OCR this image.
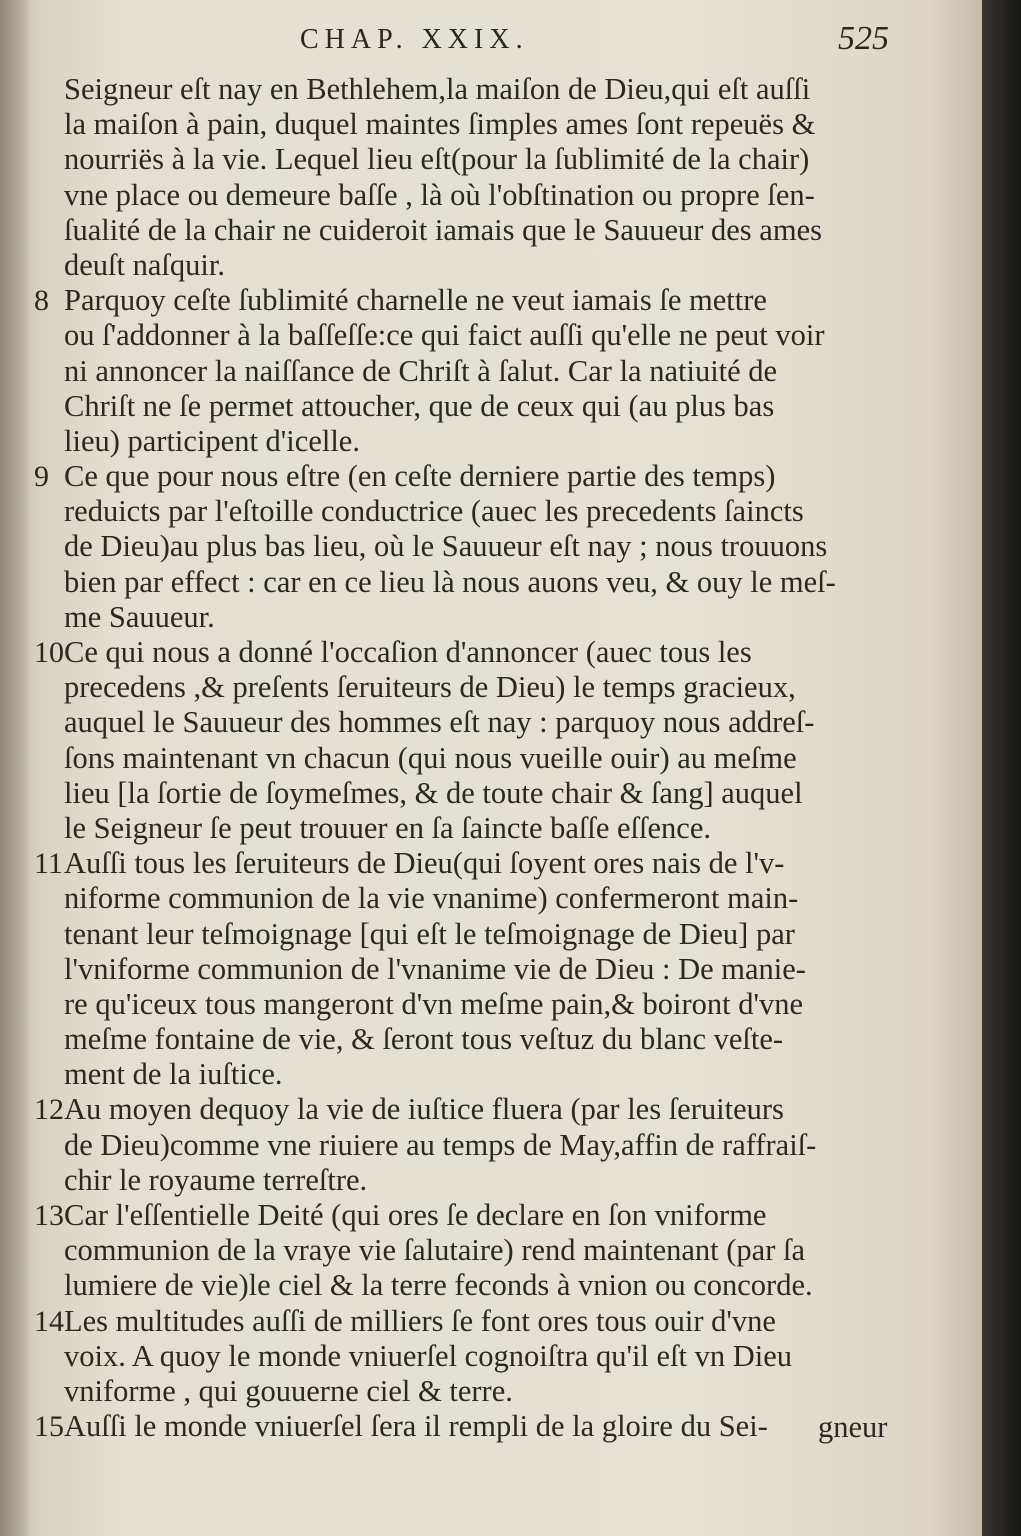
CHAP. XXIX.	525
Seigneur eſt nay en Bethlehem,la maiſon de Dieu,qui eſt auſſi
la maiſon à pain, duquel maintes ſimples ames ſont repeuës &
nourriës à la vie. Lequel lieu eſt(pour la ſublimité de la chair)
vne place ou demeure baſſe , là où l'obſtination ou propre ſen-
ſualité de la chair ne cuideroit iamais que le Sauueur des ames
deuſt naſquir.
8 Parquoy ceſte ſublimité charnelle ne veut iamais ſe mettre
ou ſ'addonner à la baſſeſſe:ce qui faict auſſi qu'elle ne peut voir
ni annoncer la naiſſance de Chriſt à ſalut. Car la natiuité de
Chriſt ne ſe permet attoucher, que de ceux qui (au plus bas
lieu) participent d'icelle.
9 Ce que pour nous eſtre (en ceſte derniere partie des temps)
reduicts par l'eſtoille conductrice (auec les precedents ſaincts
de Dieu)au plus bas lieu, où le Sauueur eſt nay ; nous trouuons
bien par effect : car en ce lieu là nous auons veu, & ouy le meſ-
me Sauueur.
10 Ce qui nous a donné l'occaſion d'annoncer (auec tous les
precedens ,& preſents ſeruiteurs de Dieu) le temps gracieux,
auquel le Sauueur des hommes eſt nay : parquoy nous addreſ-
ſons maintenant vn chacun (qui nous vueille ouir) au meſme
lieu [la ſortie de ſoymeſmes, & de toute chair & ſang] auquel
le Seigneur ſe peut trouuer en ſa ſaincte baſſe eſſence.
11 Auſſi tous les ſeruiteurs de Dieu(qui ſoyent ores nais de l'v-
niforme communion de la vie vnanime) confermeront main-
tenant leur teſmoignage [qui eſt le teſmoignage de Dieu] par
l'vniforme communion de l'vnanime vie de Dieu : De manie-
re qu'iceux tous mangeront d'vn meſme pain,& boiront d'vne
meſme fontaine de vie, & ſeront tous veſtuz du blanc veſte-
ment de la iuſtice.
12 Au moyen dequoy la vie de iuſtice fluera (par les ſeruiteurs
de Dieu)comme vne riuiere au temps de May,affin de raffraiſ-
chir le royaume terreſtre.
13 Car l'eſſentielle Deité (qui ores ſe declare en ſon vniforme
communion de la vraye vie ſalutaire) rend maintenant (par ſa
lumiere de vie)le ciel & la terre feconds à vnion ou concorde.
14 Les multitudes auſſi de milliers ſe font ores tous ouir d'vne
voix. A quoy le monde vniuerſel cognoiſtra qu'il eſt vn Dieu
vniforme , qui gouuerne ciel & terre.
15 Auſſi le monde vniuerſel ſera il rempli de la gloire du Sei-	gneur
